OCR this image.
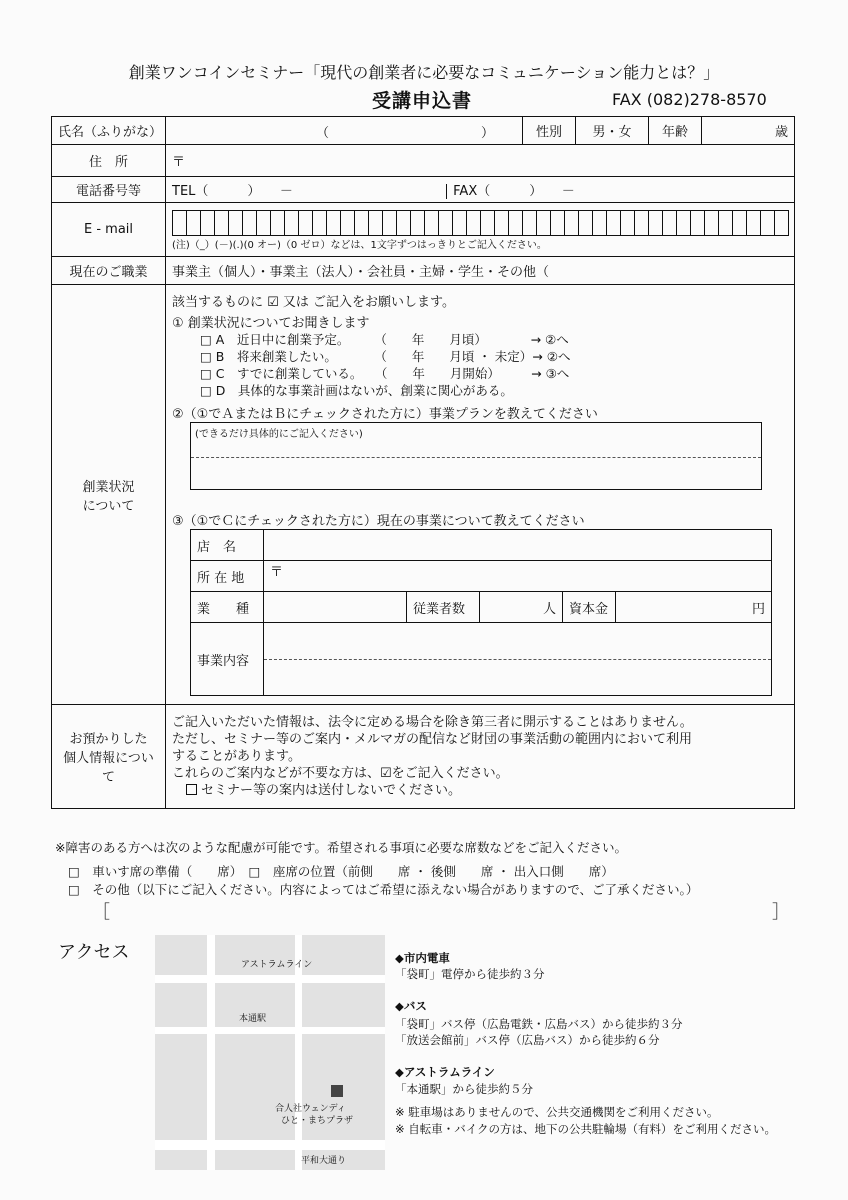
創業ワンコインセミナー「現代の創業者に必要なコミュニケーション能力とは？」
受講申込書	FAX (082)278-8570
氏名（ふりがな）	（	）	性別	男・女	年齢	歳
住　所	〒
電話番号等	TEL（　　　）　　－	FAX（　　　）　　－
E - mail	
(注)（_）(－)(.)(0 オー)（0 ゼロ）などは、1文字ずつはっきりとご記入ください。

現在のご職業	事業主（個人）・事業主（法人）・会社員・主婦・学生・その他（

創業状況
について

該当するものに ☑ 又は ご記入をお願いします。
① 創業状況についてお聞きします
□ A　近日中に創業予定。　　　（　　年　　月頃）　　　　→ ②へ
□ B　将来創業したい。　　　　（　　年　　月頃 ・ 未定）→ ②へ
□ C　すでに創業している。　　（　　年　　月開始）　　　→ ③へ
□ D　具体的な事業計画はないが、創業に関心がある。
②（①でＡまたはＢにチェックされた方に）事業プランを教えてください
(できるだけ具体的にご記入ください)
③（①でＣにチェックされた方に）現在の事業について教えてください
店　名	
所 在 地	〒
業　　種		従業者数	人	資本金	円
事業内容	

お預かりした
個人情報について

ご記入いただいた情報は、法令に定める場合を除き第三者に開示することはありません。
ただし、セミナー等のご案内・メルマガの配信など財団の事業活動の範囲内において利用
することがあります。
これらのご案内などが不要な方は、☑をご記入ください。
セミナー等の案内は送付しないでください。
※障害のある方へは次のような配慮が可能です。希望される事項に必要な席数などをご記入ください。
□　車いす席の準備（　　席）　□　座席の位置（前側　　席 ・ 後側　　席 ・ 出入口側　　席）
□　その他（以下にご記入ください。内容によってはご希望に添えない場合がありますので、ご了承ください。）
［	］
アクセス
アストラムライン
合人社ウェンディ
ひと・まちプラザ
本通駅
平和大通り
◆市内電車
「袋町」電停から徒歩約３分
◆バス
「袋町」バス停（広島電鉄・広島バス）から徒歩約３分
「放送会館前」バス停（広島バス）から徒歩約６分
◆アストラムライン
「本通駅」から徒歩約５分
※ 駐車場はありませんので、公共交通機関をご利用ください。
※ 自転車・バイクの方は、地下の公共駐輪場（有料）をご利用ください。
